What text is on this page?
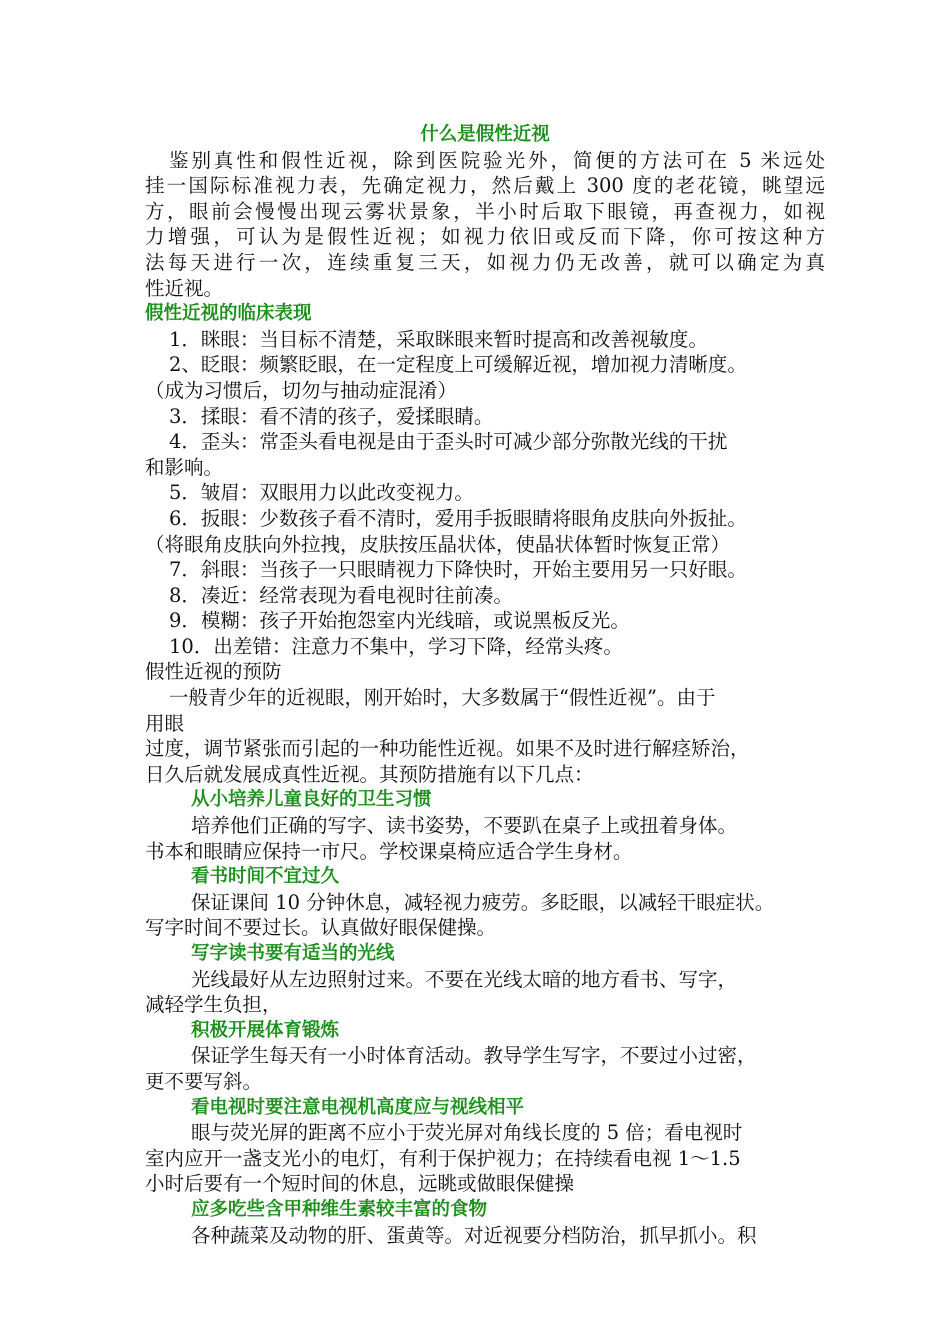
什么是假性近视
鉴别真性和假性近视，除到医院验光外，简便的方法可在 5 米远处
挂一国际标准视力表，先确定视力，然后戴上 300 度的老花镜，眺望远
方，眼前会慢慢出现云雾状景象，半小时后取下眼镜，再查视力，如视
力增强，可认为是假性近视；如视力依旧或反而下降，你可按这种方
法每天进行一次，连续重复三天，如视力仍无改善，就可以确定为真
性近视。
假性近视的临床表现
1．眯眼：当目标不清楚，采取眯眼来暂时提高和改善视敏度。
2、眨眼：频繁眨眼，在一定程度上可缓解近视，增加视力清晰度。
（成为习惯后，切勿与抽动症混淆）
3．揉眼：看不清的孩子，爱揉眼睛。
4．歪头：常歪头看电视是由于歪头时可减少部分弥散光线的干扰
和影响。
5．皱眉：双眼用力以此改变视力。
6．扳眼：少数孩子看不清时，爱用手扳眼睛将眼角皮肤向外扳扯。
（将眼角皮肤向外拉拽，皮肤按压晶状体，使晶状体暂时恢复正常）
7．斜眼：当孩子一只眼睛视力下降快时，开始主要用另一只好眼。
8．凑近：经常表现为看电视时往前凑。
9．模糊：孩子开始抱怨室内光线暗，或说黑板反光。
10．出差错：注意力不集中，学习下降，经常头疼。
假性近视的预防
一般青少年的近视眼，刚开始时，大多数属于“假性近视”。由于
用眼
过度，调节紧张而引起的一种功能性近视。如果不及时进行解痉矫治，
日久后就发展成真性近视。其预防措施有以下几点：
从小培养儿童良好的卫生习惯
培养他们正确的写字、读书姿势，不要趴在桌子上或扭着身体。
书本和眼睛应保持一市尺。学校课桌椅应适合学生身材。
看书时间不宜过久
保证课间 10 分钟休息，减轻视力疲劳。多眨眼，以减轻干眼症状。
写字时间不要过长。认真做好眼保健操。
写字读书要有适当的光线
光线最好从左边照射过来。不要在光线太暗的地方看书、写字，
减轻学生负担，
积极开展体育锻炼
保证学生每天有一小时体育活动。教导学生写字，不要过小过密，
更不要写斜。
看电视时要注意电视机高度应与视线相平
眼与荧光屏的距离不应小于荧光屏对角线长度的 5 倍；看电视时
室内应开一盏支光小的电灯，有利于保护视力；在持续看电视 1～1.5
小时后要有一个短时间的休息，远眺或做眼保健操
应多吃些含甲种维生素较丰富的食物
各种蔬菜及动物的肝、蛋黄等。对近视要分档防治，抓早抓小。积
